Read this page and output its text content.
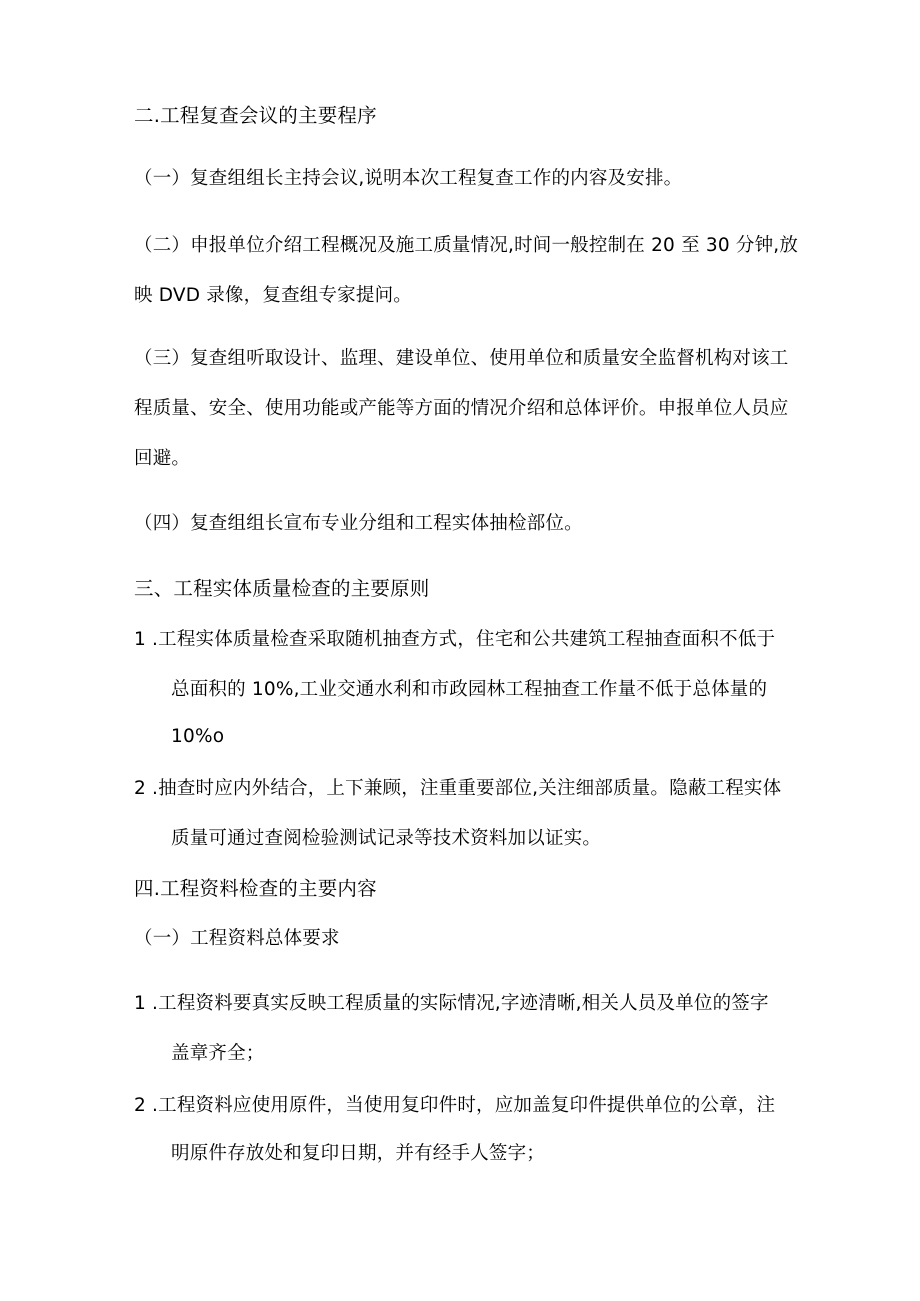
二.工程复查会议的主要程序
（一）复查组组长主持会议,说明本次工程复查工作的内容及安排。
（二）申报单位介绍工程概况及施工质量情况,时间一般控制在 20 至 30 分钟,放
映 DVD 录像，复查组专家提问。
（三）复查组听取设计、监理、建设单位、使用单位和质量安全监督机构对该工
程质量、安全、使用功能或产能等方面的情况介绍和总体评价。申报单位人员应
回避。
（四）复查组组长宣布专业分组和工程实体抽检部位。
三、工程实体质量检查的主要原则
1 .工程实体质量检查采取随机抽查方式，住宅和公共建筑工程抽查面积不低于
总面积的 10%,工业交通水利和市政园林工程抽查工作量不低于总体量的
10%o
2 .抽查时应内外结合，上下兼顾，注重重要部位,关注细部质量。隐蔽工程实体
质量可通过查阅检验测试记录等技术资料加以证实。
四.工程资料检查的主要内容
（一）工程资料总体要求
1 .工程资料要真实反映工程质量的实际情况,字迹清晰,相关人员及单位的签字
盖章齐全；
2 .工程资料应使用原件，当使用复印件时，应加盖复印件提供单位的公章，注
明原件存放处和复印日期，并有经手人签字；
